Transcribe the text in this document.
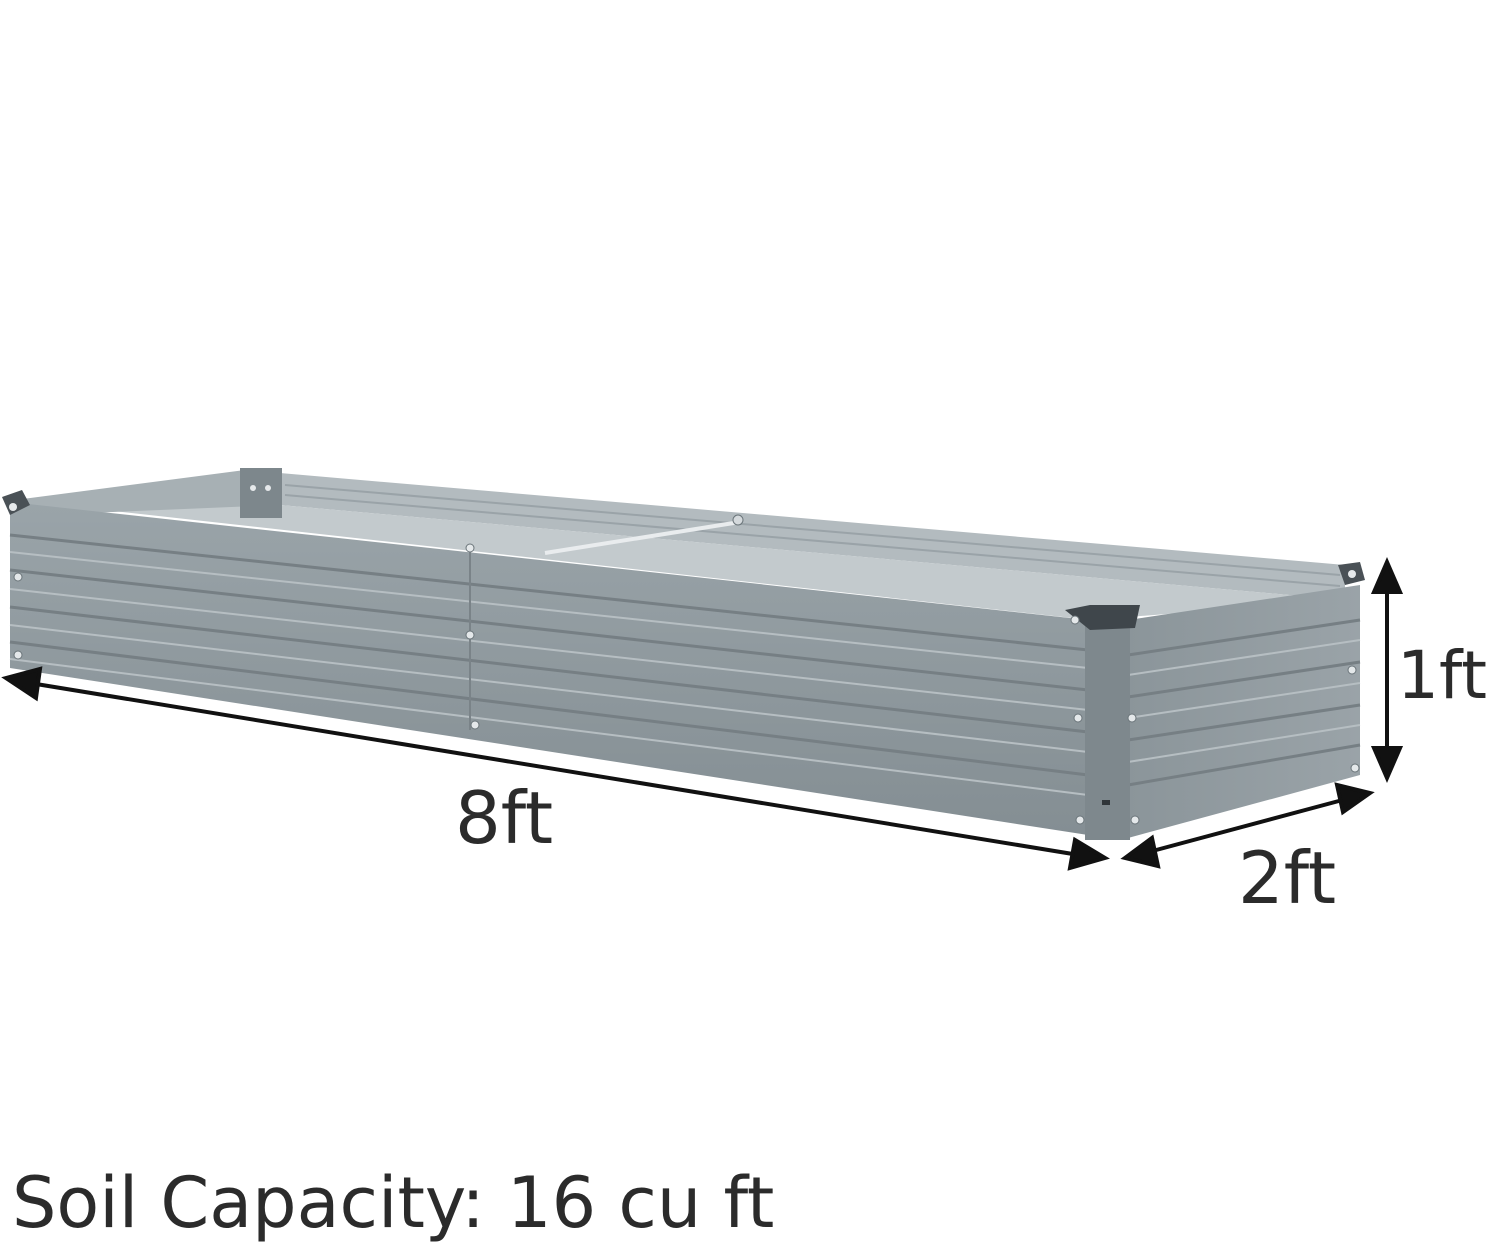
8ft
2ft
1ft
Soil Capacity: 16 cu ft
